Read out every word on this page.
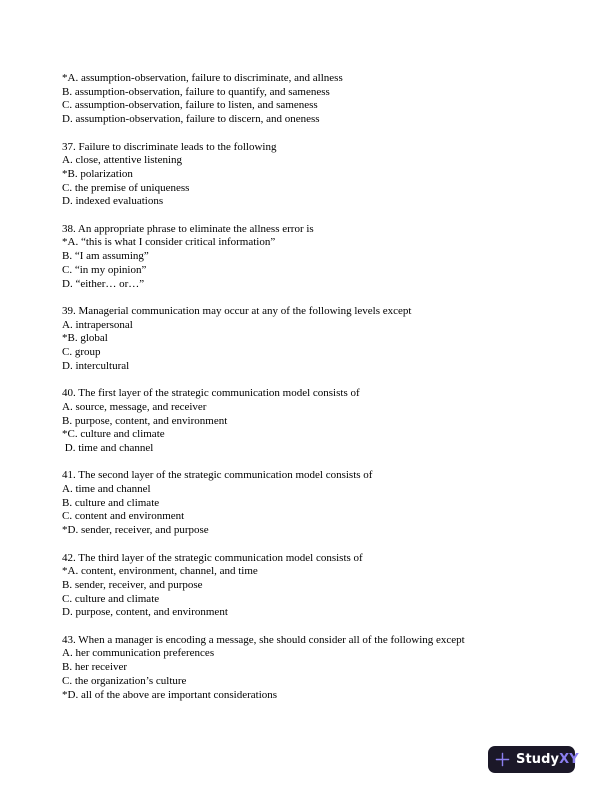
*A. assumption-observation, failure to discriminate, and allness

B. assumption-observation, failure to quantify, and sameness

C. assumption-observation, failure to listen, and sameness

D. assumption-observation, failure to discern, and oneness

37. Failure to discriminate leads to the following

A. close, attentive listening

*B. polarization

C. the premise of uniqueness

D. indexed evaluations

38. An appropriate phrase to eliminate the allness error is

*A. “this is what I consider critical information”

B. “I am assuming”

C. “in my opinion”

D. “either… or…”

39. Managerial communication may occur at any of the following levels except

A. intrapersonal

*B. global

C. group

D. intercultural

40. The first layer of the strategic communication model consists of

A. source, message, and receiver

B. purpose, content, and environment

*C. culture and climate

D. time and channel

41. The second layer of the strategic communication model consists of

A. time and channel

B. culture and climate

C. content and environment

*D. sender, receiver, and purpose

42. The third layer of the strategic communication model consists of

*A. content, environment, channel, and time

B. sender, receiver, and purpose

C. culture and climate

D. purpose, content, and environment

43. When a manager is encoding a message, she should consider all of the following except

A. her communication preferences

B. her receiver

C. the organization’s culture

*D. all of the above are important considerations

StudyXY
